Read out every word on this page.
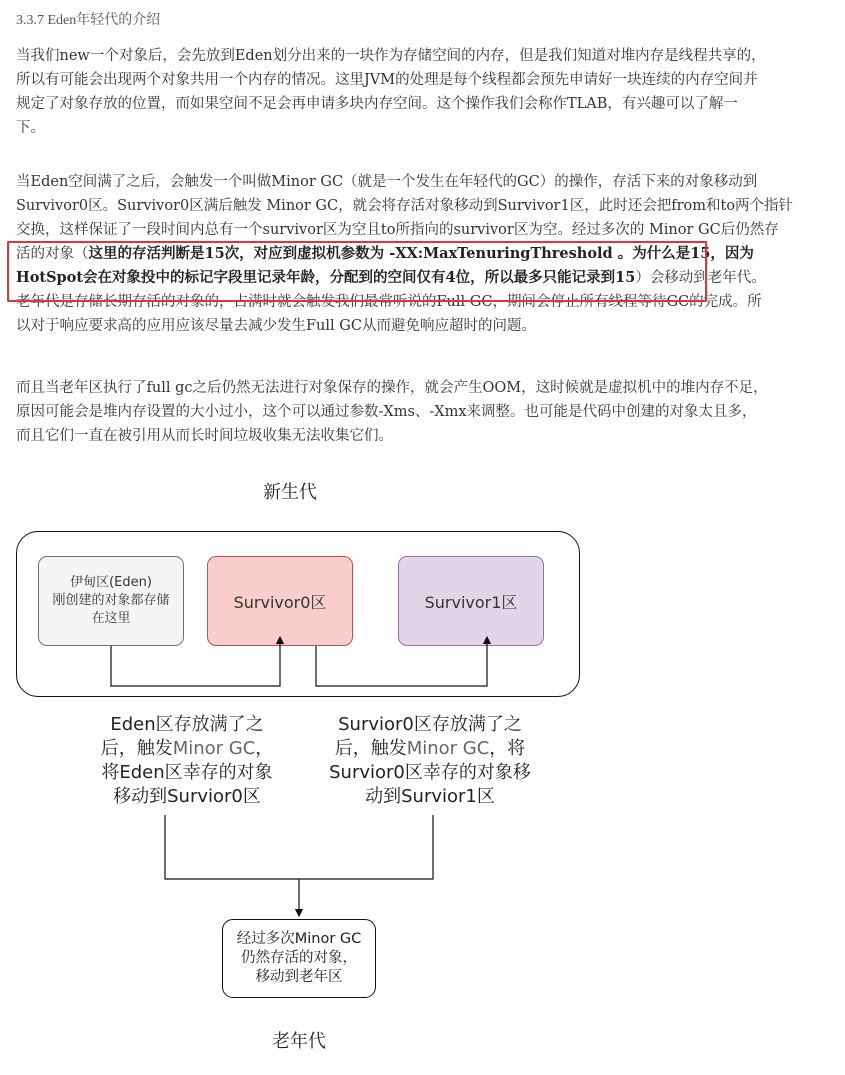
3.3.7 Eden年轻代的介绍
当我们new一个对象后，会先放到Eden划分出来的一块作为存储空间的内存，但是我们知道对堆内存是线程共享的，
所以有可能会出现两个对象共用一个内存的情况。这里JVM的处理是每个线程都会预先申请好一块连续的内存空间并
规定了对象存放的位置，而如果空间不足会再申请多块内存空间。这个操作我们会称作TLAB，有兴趣可以了解一
下。
当Eden空间满了之后，会触发一个叫做Minor GC（就是一个发生在年轻代的GC）的操作，存活下来的对象移动到
Survivor0区。Survivor0区满后触发 Minor GC，就会将存活对象移动到Survivor1区，此时还会把from和to两个指针
交换，这样保证了一段时间内总有一个survivor区为空且to所指向的survivor区为空。经过多次的 Minor GC后仍然存
活的对象（这里的存活判断是15次，对应到虚拟机参数为 -XX:MaxTenuringThreshold 。为什么是15，因为
HotSpot会在对象投中的标记字段里记录年龄，分配到的空间仅有4位，所以最多只能记录到15）会移动到老年代。
老年代是存储长期存活的对象的，占满时就会触发我们最常听说的Full GC，期间会停止所有线程等待GC的完成。所
以对于响应要求高的应用应该尽量去减少发生Full GC从而避免响应超时的问题。
而且当老年区执行了full gc之后仍然无法进行对象保存的操作，就会产生OOM，这时候就是虚拟机中的堆内存不足，
原因可能会是堆内存设置的大小过小，这个可以通过参数-Xms、-Xmx来调整。也可能是代码中创建的对象太且多，
而且它们一直在被引用从而长时间垃圾收集无法收集它们。
新生代
伊甸区(Eden)
刚创建的对象都存储
在这里
Survivor0区	Survivor1区
Eden区存放满了之
后，触发Minor GC，
将Eden区幸存的对象
移动到Survior0区
Survior0区存放满了之
后，触发Minor GC，将
Survior0区幸存的对象移
动到Survior1区
经过多次Minor GC
仍然存活的对象，
移动到老年区
老年代
